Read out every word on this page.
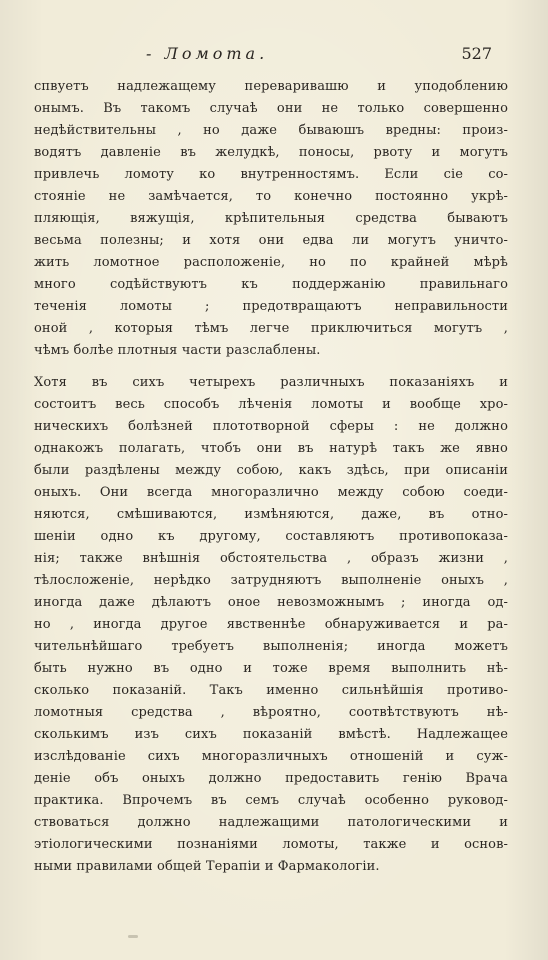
- Ломота.	527
спвуетъ надлежащему переваривашю и уподоблению
онымъ. Въ такомъ случаѣ они не только совершенно
недѣйствительны , но даже бываюшъ вредны: произ-
водятъ давленіе въ желудкѣ, поносы, рвоту и могутъ
привлечь ломоту ко внутренностямъ. Если сіе со-
стояніе не замѣчается, то конечно постоянно укрѣ-
пляющія, вяжущія, крѣпительныя средства бываютъ
весьма полезны; и хотя они едва ли могутъ уничто-
жить ломотное расположеніе, но по крайней мѣрѣ
много содѣйствуютъ къ поддержанію правильнаго
теченія ломоты ; предотвращаютъ неправильности
оной , которыя тѣмъ легче приключиться могутъ ,
чѣмъ болѣе плотныя части разслаблены.
Хотя въ сихъ четырехъ различныхъ показаніяхъ и
состоитъ весь способъ лѣченія ломоты и вообще хро-
ническихъ болѣзней плототворной сферы : не должно
однакожъ полагать, чтобъ они въ натурѣ такъ же явно
были раздѣлены между собою, какъ здѣсь, при описаніи
оныхъ. Они всегда многоразлично между собою соеди-
няются, смѣшиваются, измѣняются, даже, въ отно-
шеніи одно къ другому, составляютъ противопоказа-
нія; также внѣшнія обстоятельства , образъ жизни ,
тѣлосложеніе, нерѣдко затрудняютъ выполненіе оныхъ ,
иногда даже дѣлаютъ оное невозможнымъ ; иногда од-
но , иногда другое явственнѣе обнаруживается и ра-
чительнѣйшаго требуетъ выполненія; иногда можетъ
быть нужно въ одно и тоже время выполнить нѣ-
сколько показаній. Такъ именно сильнѣйшія противо-
ломотныя средства , вѣроятно, соотвѣтствуютъ нѣ-
сколькимъ изъ сихъ показаній вмѣстѣ. Надлежащее
изслѣдованіе сихъ многоразличныхъ отношеній и суж-
деніе объ оныхъ должно предоставить генію Врача
практика. Впрочемъ въ семъ случаѣ особенно руковод-
ствоваться должно надлежащими патологическими и
этіологическими познаніями ломоты, также и основ-
ными правилами общей Терапіи и Фармакологіи.
